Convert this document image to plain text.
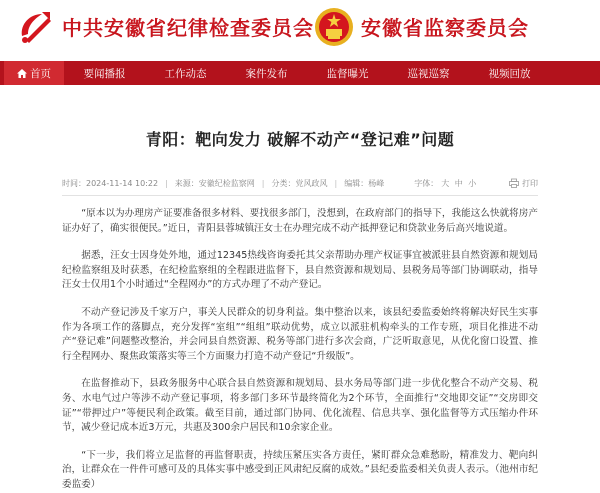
中共安徽省纪律检查委员会 安徽省监察委员会
首页	要闻播报	工作动态	案件发布	监督曝光	巡视巡察	视频回放
青阳：靶向发力 破解不动产“登记难”问题
时间：2024-11-14 10:22 | 来源：安徽纪检监察网 | 分类：党风政风 | 编辑：杨峰	字体： 大 中 小	打印

“原本以为办理房产证要准备很多材料、要找很多部门，没想到，在政府部门的指导下，我能这么快就将房产证办好了，确实很便民。”近日，青阳县蓉城镇汪女士在办理完成不动产抵押登记和贷款业务后高兴地说道。

据悉，汪女士因身处外地，通过12345热线咨询委托其父亲帮助办理产权证事宜被派驻县自然资源和规划局纪检监察组及时获悉，在纪检监察组的全程跟进监督下，县自然资源和规划局、县税务局等部门协调联动，指导汪女士仅用1个小时通过“全程网办”的方式办理了不动产登记。

不动产登记涉及千家万户，事关人民群众的切身利益。集中整治以来，该县纪委监委始终将解决好民生实事作为各项工作的落脚点，充分发挥“室组”“组组”联动优势，成立以派驻机构牵头的工作专班，项目化推进不动产“登记难”问题整改整治，并会同县自然资源、税务等部门进行多次会商，广泛听取意见，从优化窗口设置、推行全程网办、聚焦政策落实等三个方面聚力打造不动产登记“升级版”。

在监督推动下，县政务服务中心联合县自然资源和规划局、县水务局等部门进一步优化整合不动产交易、税务、水电气过户等涉不动产登记事项，将多部门多环节最终简化为2个环节，全面推行“交地即交证”“交房即交证”“带押过户”等便民利企政策。截至目前，通过部门协同、优化流程、信息共享、强化监督等方式压缩办件环节，减少登记成本近3万元，共惠及300余户居民和10余家企业。

“下一步，我们将立足监督的再监督职责，持续压紧压实各方责任，紧盯群众急难愁盼，精准发力、靶向纠治，让群众在一件件可感可及的具体实事中感受到正风肃纪反腐的成效。”县纪委监委相关负责人表示。（池州市纪委监委）
